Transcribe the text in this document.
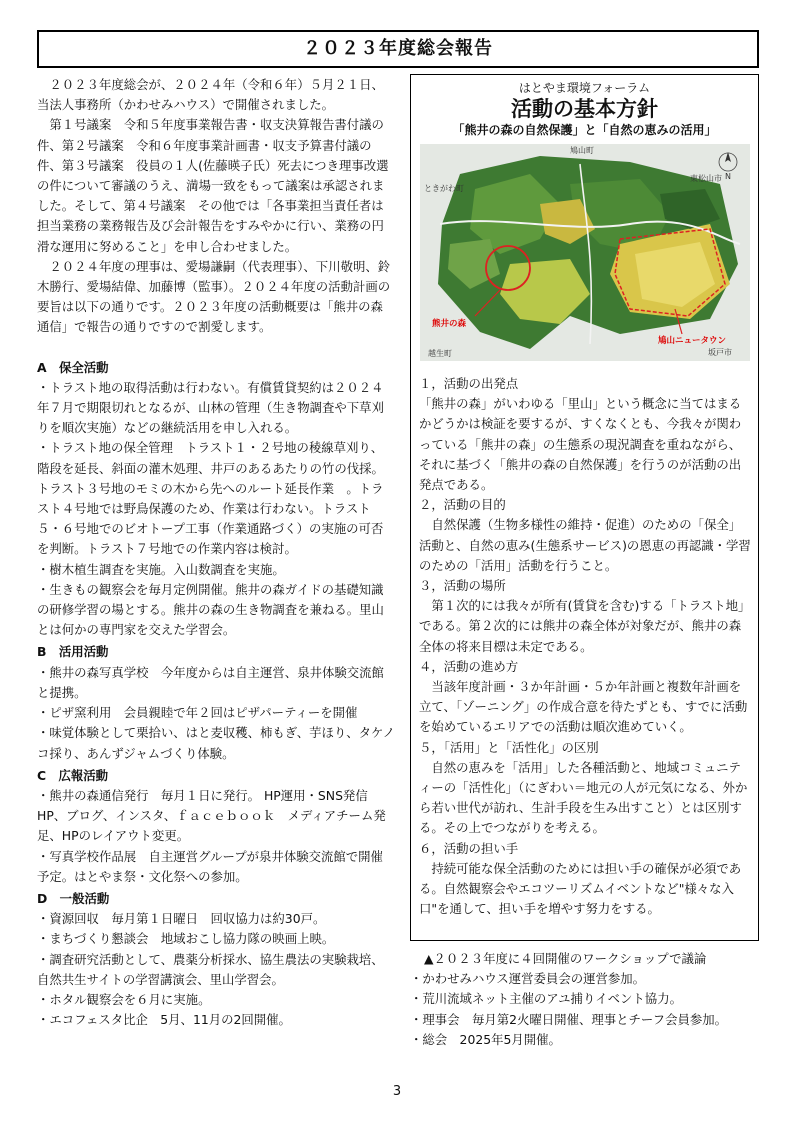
２０２３年度総会報告

２０２３年度総会が、２０２４年（令和６年）５月２１日、当法人事務所（かわせみハウス）で開催されました。

第１号議案　令和５年度事業報告書・収支決算報告書付議の件、第２号議案　令和６年度事業計画書・収支予算書付議の件、第３号議案　役員の１人(佐藤暎子氏）死去につき理事改選の件について審議のうえ、満場一致をもって議案は承認されました。そして、第４号議案　その他では「各事業担当責任者は担当業務の業務報告及び会計報告をすみやかに行い、業務の円滑な運用に努めること」を申し合わせました。

２０２４年度の理事は、愛場謙嗣（代表理事）、下川敬明、鈴木勝行、愛場結偉、加藤博（監事）。２０２４年度の活動計画の要旨は以下の通りです。２０２３年度の活動概要は「熊井の森通信」で報告の通りですので割愛します。

A　保全活動
・トラスト地の取得活動は行わない。有償賃貸契約は２０２４年７月で期限切れとなるが、山林の管理（生き物調査や下草刈りを順次実施）などの継続活用を申し入れる。
・トラスト地の保全管理　トラスト１・２号地の稜線草刈り、階段を延長、斜面の灌木処理、井戸のあるあたりの竹の伐採。トラスト３号地のモミの木から先へのルート延長作業　。トラスト４号地では野鳥保護のため、作業は行わない。トラスト５・６号地でのビオトープ工事（作業通路づく）の実施の可否を判断。トラスト７号地での作業内容は検討。
・樹木植生調査を実施。入山数調査を実施。
・生きもの観察会を毎月定例開催。熊井の森ガイドの基礎知識の研修学習の場とする。熊井の森の生き物調査を兼ねる。里山とは何かの専門家を交えた学習会。
B　活用活動
・熊井の森写真学校　今年度からは自主運営、泉井体験交流館と提携。
・ピザ窯利用　会員親睦で年２回はピザパーティーを開催
・味覚体験として栗拾い、はと麦収穫、柿もぎ、芋ほり、タケノコ採り、あんずジャムづくり体験。
C　広報活動
・熊井の森通信発行　毎月１日に発行。 HP運用・SNS発信　HP、ブログ、インスタ、ｆａｃｅｂｏｏｋ　メディアチーム発足、HPのレイアウト変更。
・写真学校作品展　自主運営グループが泉井体験交流館で開催予定。はとやま祭・文化祭への参加。
D　一般活動
・資源回収　毎月第１日曜日　回収協力は約30戸。
・まちづくり懇談会　地域おこし協力隊の映画上映。
・調査研究活動として、農薬分析採水、協生農法の実験栽培、自然共生サイトの学習講演会、里山学習会。
・ホタル観察会を６月に実施。
・エコフェスタ比企　5月、11月の2回開催。
はとやま環境フォーラム
活動の基本方針
「熊井の森の自然保護」と「自然の恵みの活用」
熊井の森
鳩山ニュータウン
N
鳩山町
ときがわ町
東松山市
坂戸市
越生町
１，活動の出発点
「熊井の森」がいわゆる「里山」という概念に当てはまるかどうかは検証を要するが、すくなくとも、今我々が関わっている「熊井の森」の生態系の現況調査を重ねながら、それに基づく「熊井の森の自然保護」を行うのが活動の出発点である。
２，活動の目的
自然保護（生物多様性の維持・促進）のための「保全」活動と、自然の恵み(生態系サービス)の恩恵の再認識・学習のための「活用」活動を行うこと。
３，活動の場所
第１次的には我々が所有(賃貸を含む)する「トラスト地」である。第２次的には熊井の森全体が対象だが、熊井の森全体の将来目標は未定である。
４，活動の進め方
当該年度計画・３か年計画・５か年計画と複数年計画を立て、「ゾーニング」の作成合意を待たずとも、すでに活動を始めているエリアでの活動は順次進めていく。
５，「活用」と「活性化」の区別
自然の恵みを「活用」した各種活動と、地域コミュニティーの「活性化」（にぎわい＝地元の人が元気になる、外から若い世代が訪れ、生計手段を生み出すこと）とは区別する。その上でつながりを考える。
６，活動の担い手
持続可能な保全活動のためには担い手の確保が必須である。自然観察会やエコツーリズムイベントなど"様々な入口"を通して、担い手を増やす努力をする。
▲２０２３年度に４回開催のワークショップで議論
・かわせみハウス運営委員会の運営参加。
・荒川流域ネット主催のアユ捕りイベント協力。
・理事会　毎月第2火曜日開催、理事とチーフ会員参加。
・総会　2025年5月開催。
3
